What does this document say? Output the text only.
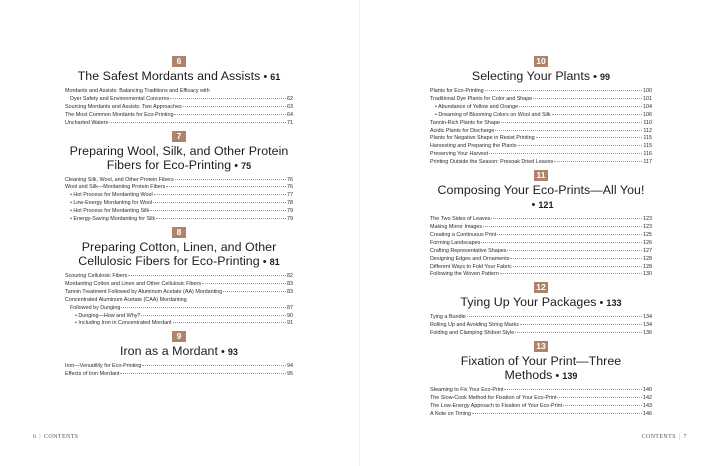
6
The Safest Mordants and Assists • 61
Mordants and Assists: Balancing Traditions and Efficacy with
Dyer Safety and Environmental Concerns	62
Sourcing Mordants and Assists: Two Approaches	63
The Most Common Mordants for Eco-Printing	64
Uncharted Waters	71
7
Preparing Wool, Silk, and Other Protein Fibers for Eco-Printing • 75
Cleaning Silk, Wool, and Other Protein Fibers	76
Wool and Silk—Mordanting Protein Fibers	76
• Hot Process for Mordanting Wool	77
• Low-Energy Mordanting for Wool	78
• Hot Process for Mordanting Silk	79
• Energy-Saving Mordanting for Silk	79
8
Preparing Cotton, Linen, and Other Cellulosic Fibers for Eco-Printing • 81
Scouring Cellulosic Fibers	82
Mordanting Cotton and Linen and Other Cellulosic Fibers	83
Tannin Treatment Followed by Aluminum Acetate (AA) Mordanting	83
Concentrated Aluminum Acetate (CAA) Mordanting
Followed by Dunging	87
• Dunging—How and Why?	90
• Including Iron in Concentrated Mordant	91
9
Iron as a Mordant • 93
Iron—Versatility for Eco-Printing	94
Effects of Iron Mordant	95
6 | CONTENTS
10
Selecting Your Plants • 99
Plants for Eco-Printing	100
Traditional Dye Plants for Color and Shape	101
• Abundance of Yellow and Orange	104
• Dreaming of Blooming Colors on Wool and Silk	106
Tannin-Rich Plants for Shape	110
Acidic Plants for Discharge	112
Plants for Negative Shape in Resist Printing	115
Harvesting and Preparing the Plants	115
Preserving Your Harvest	116
Printing Outside the Season: Presoak Dried Leaves	117
11
Composing Your Eco-Prints—All You!• 121
The Two Sides of Leaves	123
Making Mirror Images	123
Creating a Continuous Print	125
Forming Landscapes	126
Crafting Representative Shapes	127
Designing Edges and Ornaments	128
Different Ways to Fold Your Fabric	128
Following the Woven Pattern	130
12
Tying Up Your Packages • 133
Tying a Bundle	134
Rolling Up and Avoiding String Marks	134
Folding and Clamping Shibori Style	136
13
Fixation of Your Print—Three Methods • 139
Steaming to Fix Your Eco-Print	140
The Slow-Cook Method for Fixation of Your Eco-Print	142
The Low-Energy Approach to Fixation of Your Eco-Print	143
A Note on Timing	146
CONTENTS | 7
